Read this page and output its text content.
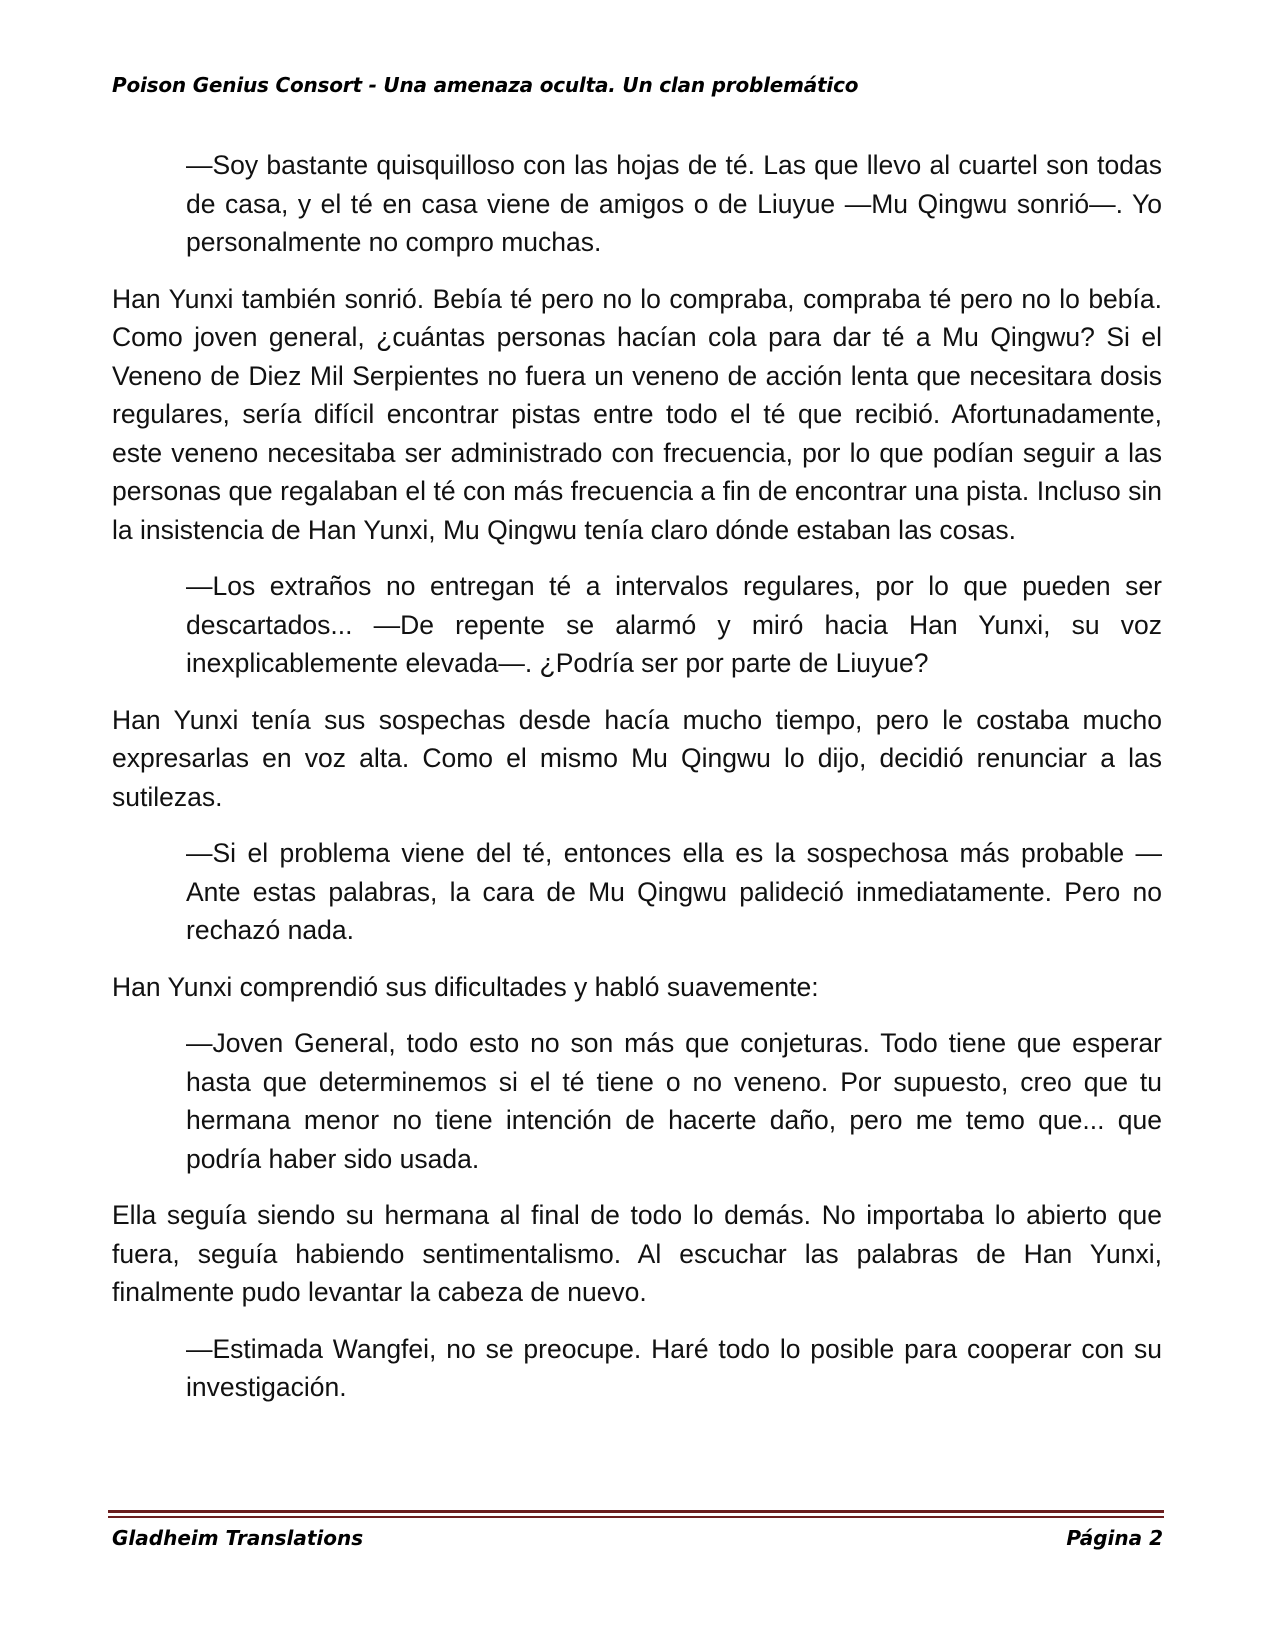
Poison Genius Consort - Una amenaza oculta. Un clan problemático

—Soy bastante quisquilloso con las hojas de té. Las que llevo al cuartel son todas de casa, y el té en casa viene de amigos o de Liuyue —Mu Qingwu sonrió—. Yo personalmente no compro muchas.

Han Yunxi también sonrió. Bebía té pero no lo compraba, compraba té pero no lo bebía. Como joven general, ¿cuántas personas hacían cola para dar té a Mu Qingwu? Si el Veneno de Diez Mil Serpientes no fuera un veneno de acción lenta que necesitara dosis regulares, sería difícil encontrar pistas entre todo el té que recibió. Afortunadamente, este veneno necesitaba ser administrado con frecuencia, por lo que podían seguir a las personas que regalaban el té con más frecuencia a fin de encontrar una pista. Incluso sin la insistencia de Han Yunxi, Mu Qingwu tenía claro dónde estaban las cosas.

—Los extraños no entregan té a intervalos regulares, por lo que pueden ser descartados... —De repente se alarmó y miró hacia Han Yunxi, su voz inexplicablemente elevada—. ¿Podría ser por parte de Liuyue?

Han Yunxi tenía sus sospechas desde hacía mucho tiempo, pero le costaba mucho expresarlas en voz alta. Como el mismo Mu Qingwu lo dijo, decidió renunciar a las sutilezas.

—Si el problema viene del té, entonces ella es la sospechosa más probable —Ante estas palabras, la cara de Mu Qingwu palideció inmediatamente. Pero no rechazó nada.

Han Yunxi comprendió sus dificultades y habló suavemente:

—Joven General, todo esto no son más que conjeturas. Todo tiene que esperar hasta que determinemos si el té tiene o no veneno. Por supuesto, creo que tu hermana menor no tiene intención de hacerte daño, pero me temo que... que podría haber sido usada.

Ella seguía siendo su hermana al final de todo lo demás. No importaba lo abierto que fuera, seguía habiendo sentimentalismo. Al escuchar las palabras de Han Yunxi, finalmente pudo levantar la cabeza de nuevo.

—Estimada Wangfei, no se preocupe. Haré todo lo posible para cooperar con su investigación.

Gladheim Translations	Página 2
